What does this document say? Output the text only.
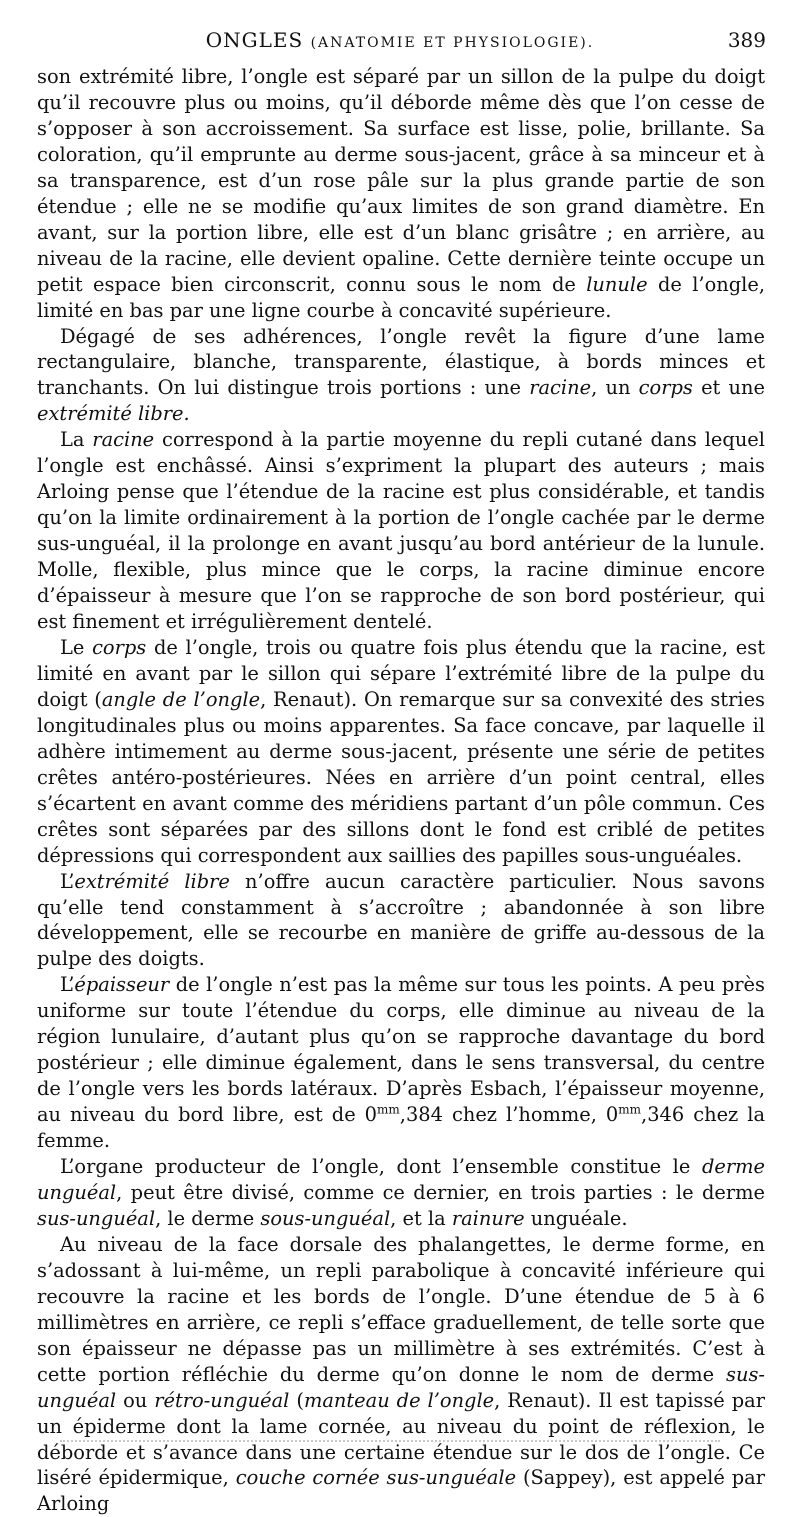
ONGLES (ANATOMIE ET PHYSIOLOGIE).	389

son extrémité libre, l’ongle est séparé par un sillon de la pulpe du doigt qu’il recouvre plus ou moins, qu’il déborde même dès que l’on cesse de s’opposer à son accroissement. Sa surface est lisse, polie, brillante. Sa coloration, qu’il emprunte au derme sous-jacent, grâce à sa minceur et à sa transparence, est d’un rose pâle sur la plus grande partie de son étendue ; elle ne se modifie qu’aux limites de son grand diamètre. En avant, sur la portion libre, elle est d’un blanc grisâtre ; en arrière, au niveau de la racine, elle devient opaline. Cette dernière teinte occupe un petit espace bien circonscrit, connu sous le nom de lunule de l’ongle, limité en bas par une ligne courbe à concavité supérieure.

Dégagé de ses adhérences, l’ongle revêt la figure d’une lame rectangulaire, blanche, transparente, élastique, à bords minces et tranchants. On lui distingue trois portions : une racine, un corps et une extrémité libre.

La racine correspond à la partie moyenne du repli cutané dans lequel l’ongle est enchâssé. Ainsi s’expriment la plupart des auteurs ; mais Arloing pense que l’étendue de la racine est plus considérable, et tandis qu’on la limite ordinairement à la portion de l’ongle cachée par le derme sus-unguéal, il la prolonge en avant jusqu’au bord antérieur de la lunule. Molle, flexible, plus mince que le corps, la racine diminue encore d’épaisseur à mesure que l’on se rapproche de son bord postérieur, qui est finement et irrégulièrement dentelé.

Le corps de l’ongle, trois ou quatre fois plus étendu que la racine, est limité en avant par le sillon qui sépare l’extrémité libre de la pulpe du doigt (angle de l’ongle, Renaut). On remarque sur sa convexité des stries longitudinales plus ou moins apparentes. Sa face concave, par laquelle il adhère intimement au derme sous-jacent, présente une série de petites crêtes antéro-postérieures. Nées en arrière d’un point central, elles s’écartent en avant comme des méridiens partant d’un pôle commun. Ces crêtes sont séparées par des sillons dont le fond est criblé de petites dépressions qui correspondent aux saillies des papilles sous-unguéales.

L’extrémité libre n’offre aucun caractère particulier. Nous savons qu’elle tend constamment à s’accroître ; abandonnée à son libre développement, elle se recourbe en manière de griffe au-dessous de la pulpe des doigts.

L’épaisseur de l’ongle n’est pas la même sur tous les points. A peu près uniforme sur toute l’étendue du corps, elle diminue au niveau de la région lunulaire, d’autant plus qu’on se rapproche davantage du bord postérieur ; elle diminue également, dans le sens transversal, du centre de l’ongle vers les bords latéraux. D’après Esbach, l’épaisseur moyenne, au niveau du bord libre, est de $0^{mm},384$ chez l’homme, $0^{mm},346$ chez la femme.

L’organe producteur de l’ongle, dont l’ensemble constitue le derme unguéal, peut être divisé, comme ce dernier, en trois parties : le derme sus-unguéal, le derme sous-unguéal, et la rainure unguéale.

Au niveau de la face dorsale des phalangettes, le derme forme, en s’adossant à lui-même, un repli parabolique à concavité inférieure qui recouvre la racine et les bords de l’ongle. D’une étendue de 5 à 6 millimètres en arrière, ce repli s’efface graduellement, de telle sorte que son épaisseur ne dépasse pas un millimètre à ses extrémités. C’est à cette portion réfléchie du derme qu’on donne le nom de derme sus-unguéal ou rétro-unguéal (manteau de l’ongle, Renaut). Il est tapissé par un épiderme dont la lame cornée, au niveau du point de réflexion, le déborde et s’avance dans une certaine étendue sur le dos de l’ongle. Ce liséré épidermique, couche cornée sus-unguéale (Sappey), est appelé par Arloing
